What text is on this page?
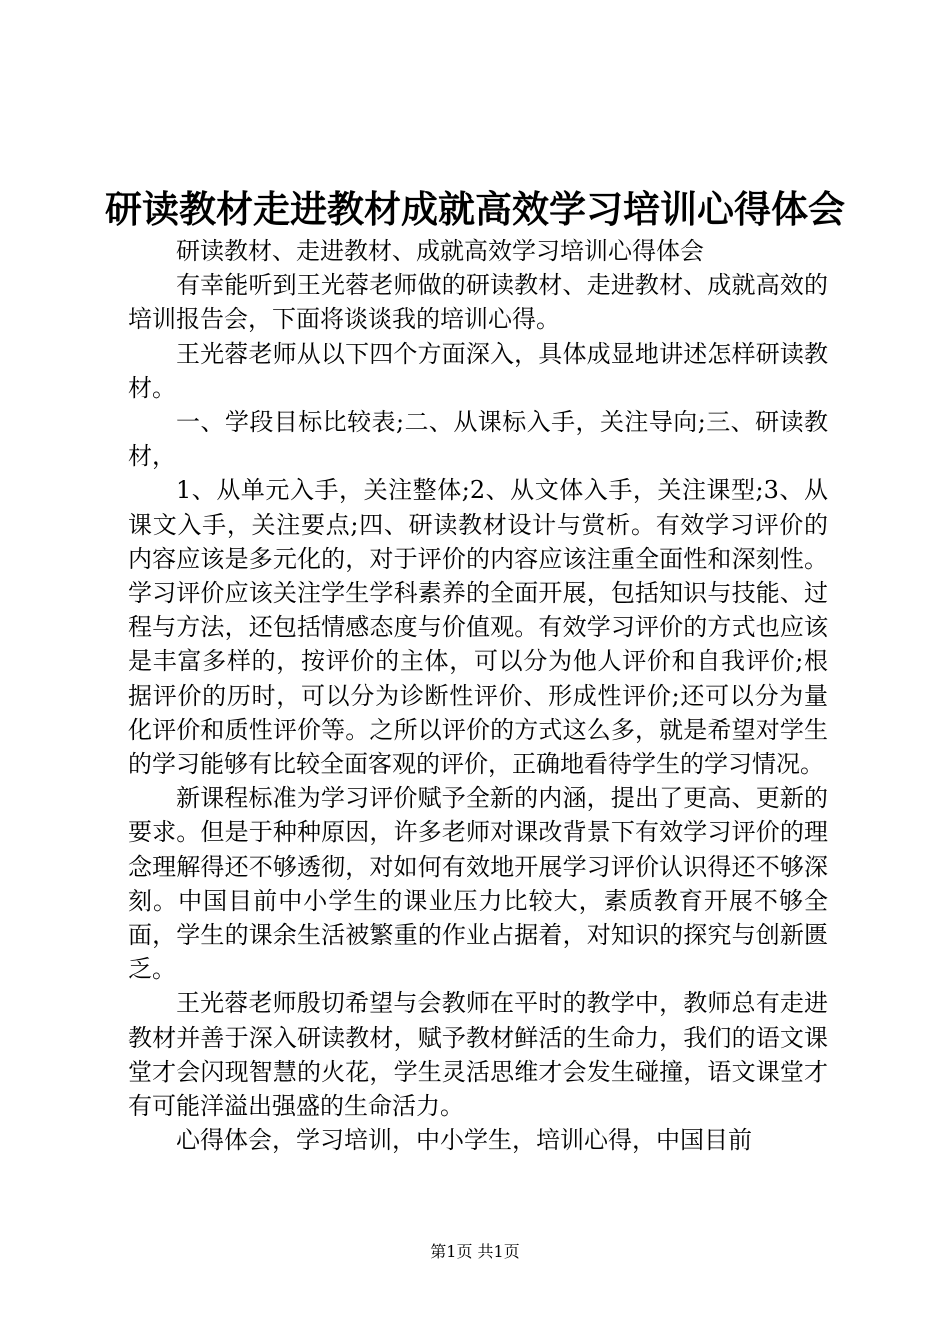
研读教材走进教材成就高效学习培训心得体会

研读教材、走进教材、成就高效学习培训心得体会

有幸能听到王光蓉老师做的研读教材、走进教材、成就高效的培训报告会，下面将谈谈我的培训心得。

王光蓉老师从以下四个方面深入，具体成显地讲述怎样研读教材。

一、学段目标比较表;二、从课标入手，关注导向;三、研读教材，

1、从单元入手，关注整体;2、从文体入手，关注课型;3、从课文入手，关注要点;四、研读教材设计与赏析。有效学习评价的内容应该是多元化的，对于评价的内容应该注重全面性和深刻性。学习评价应该关注学生学科素养的全面开展，包括知识与技能、过程与方法，还包括情感态度与价值观。有效学习评价的方式也应该是丰富多样的，按评价的主体，可以分为他人评价和自我评价;根据评价的历时，可以分为诊断性评价、形成性评价;还可以分为量化评价和质性评价等。之所以评价的方式这么多，就是希望对学生的学习能够有比较全面客观的评价，正确地看待学生的学习情况。

新课程标准为学习评价赋予全新的内涵，提出了更高、更新的要求。但是于种种原因，许多老师对课改背景下有效学习评价的理念理解得还不够透彻，对如何有效地开展学习评价认识得还不够深刻。中国目前中小学生的课业压力比较大，素质教育开展不够全面，学生的课余生活被繁重的作业占据着，对知识的探究与创新匮乏。

王光蓉老师殷切希望与会教师在平时的教学中，教师总有走进教材并善于深入研读教材，赋予教材鲜活的生命力，我们的语文课堂才会闪现智慧的火花，学生灵活思维才会发生碰撞，语文课堂才有可能洋溢出强盛的生命活力。

心得体会，学习培训，中小学生，培训心得，中国目前

第1页 共1页
